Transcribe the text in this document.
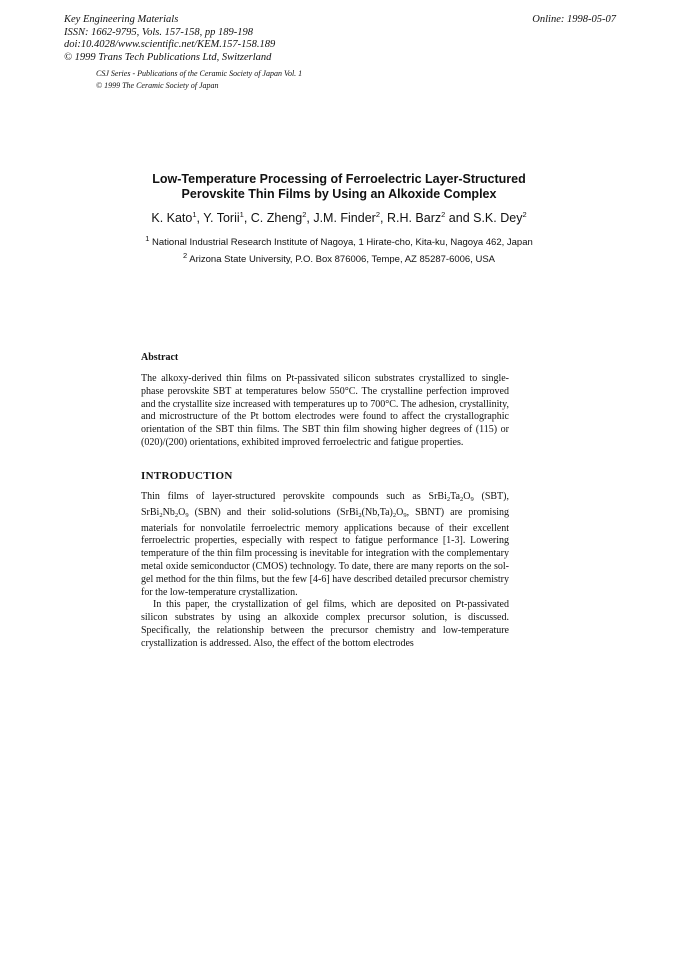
Key Engineering Materials
ISSN: 1662-9795, Vols. 157-158, pp 189-198
doi:10.4028/www.scientific.net/KEM.157-158.189
© 1999 Trans Tech Publications Ltd, Switzerland
Online: 1998-05-07
CSJ Series - Publications of the Ceramic Society of Japan Vol. 1
© 1999 The Ceramic Society of Japan
Low-Temperature Processing of Ferroelectric Layer-Structured
Perovskite Thin Films by Using an Alkoxide Complex
K. Kato$^1$, Y. Torii$^1$, C. Zheng$^2$, J.M. Finder$^2$, R.H. Barz$^2$ and S.K. Dey$^2$
$^1$ National Industrial Research Institute of Nagoya, 1 Hirate-cho, Kita-ku, Nagoya 462, Japan
$^2$ Arizona State University, P.O. Box 876006, Tempe, AZ 85287-6006, USA
Abstract
The alkoxy-derived thin films on Pt-passivated silicon substrates crystallized to single-phase perovskite SBT at temperatures below 550°C. The crystalline perfection improved and the crystallite size increased with temperatures up to 700°C. The adhesion, crystallinity, and microstructure of the Pt bottom electrodes were found to affect the crystallographic orientation of the SBT thin films. The SBT thin film showing higher degrees of (115) or (020)/(200) orientations, exhibited improved ferroelectric and fatigue properties.
INTRODUCTION

Thin films of layer-structured perovskite compounds such as $SrBi_2Ta_2O_9$ (SBT), $SrBi_2Nb_2O_9$ (SBN) and their solid-solutions ($SrBi_2(Nb,Ta)_2O_9$, SBNT) are promising materials for nonvolatile ferroelectric memory applications because of their excellent ferroelectric properties, especially with respect to fatigue performance [1-3]. Lowering temperature of the thin film processing is inevitable for integration with the complementary metal oxide semiconductor (CMOS) technology. To date, there are many reports on the sol-gel method for the thin films, but the few [4-6] have described detailed precursor chemistry for the low-temperature crystallization.

In this paper, the crystallization of gel films, which are deposited on Pt-passivated silicon substrates by using an alkoxide complex precursor solution, is discussed. Specifically, the relationship between the precursor chemistry and low-temperature crystallization is addressed. Also, the effect of the bottom electrodes
